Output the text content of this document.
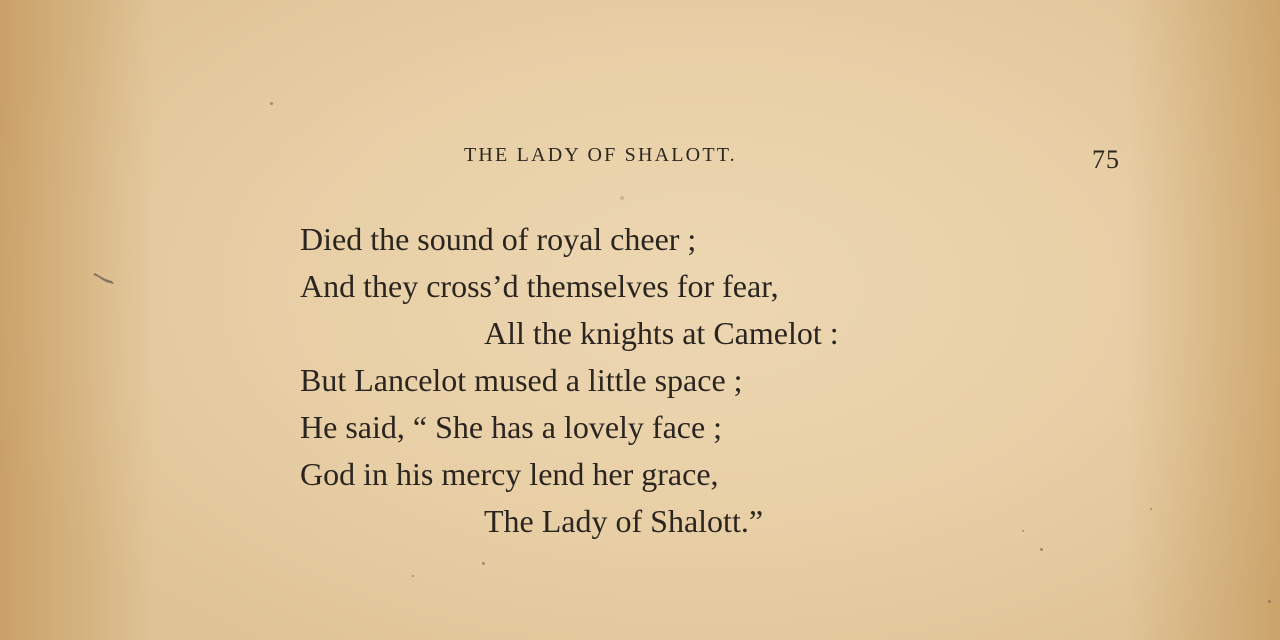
THE LADY OF SHALOTT.	75
Died the sound of royal cheer ;
And they cross’d themselves for fear,
All the knights at Camelot :
But Lancelot mused a little space ;
He said, “ She has a lovely face ;
God in his mercy lend her grace,
The Lady of Shalott.”
